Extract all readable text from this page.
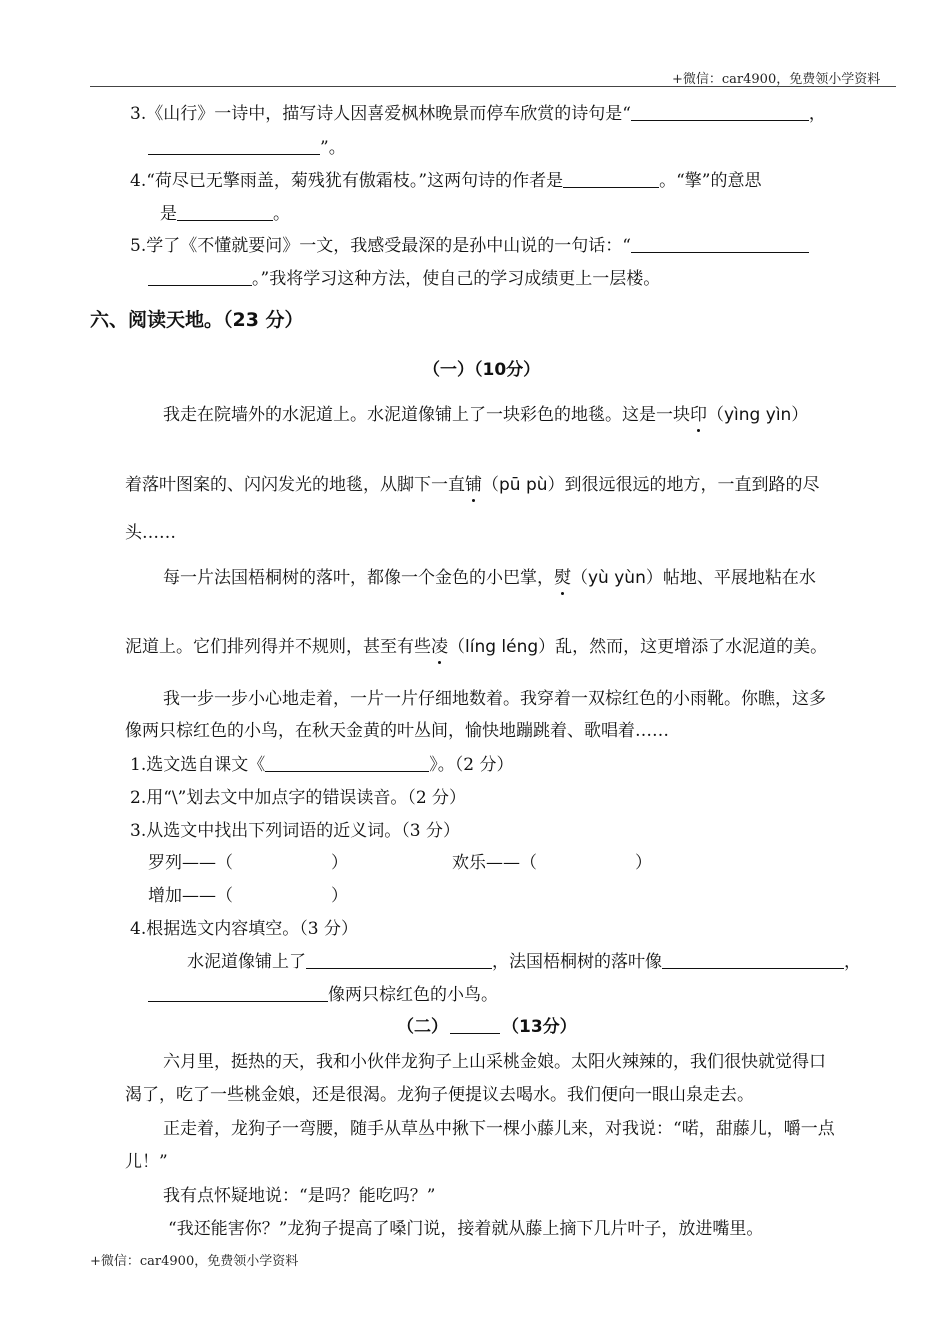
+微信：car4900，免费领小学资料
3.《山行》一诗中，描写诗人因喜爱枫林晚景而停车欣赏的诗句是“	，
”。
4.“荷尽已无擎雨盖，菊残犹有傲霜枝。”这两句诗的作者是	。“擎”的意思
是	。
5.学了《不懂就要问》一文，我感受最深的是孙中山说的一句话：“
。”我将学习这种方法，使自己的学习成绩更上一层楼。
六、阅读天地。（23 分）
（一）（10分）
我走在院墙外的水泥道上。水泥道像铺上了一块彩色的地毯。这是一块印（yìng yìn）
着落叶图案的、闪闪发光的地毯，从脚下一直铺（pū pù）到很远很远的地方，一直到路的尽
头……
每一片法国梧桐树的落叶，都像一个金色的小巴掌，熨（yù yùn）帖地、平展地粘在水
泥道上。它们排列得并不规则，甚至有些凌（líng léng）乱，然而，这更增添了水泥道的美。
我一步一步小心地走着，一片一片仔细地数着。我穿着一双棕红色的小雨靴。你瞧，这多
像两只棕红色的小鸟，在秋天金黄的叶丛间，愉快地蹦跳着、歌唱着……
1.选文选自课文《	》。（2 分）
2.用“\”划去文中加点字的错误读音。（2 分）
3.从选文中找出下列词语的近义词。（3 分）
罗列——（	）	欢乐——（	）
增加——（	）
4.根据选文内容填空。（3 分）
水泥道像铺上了	，法国梧桐树的落叶像	，
像两只棕红色的小鸟。
（二）	（13分）
六月里，挺热的天，我和小伙伴龙狗子上山采桃金娘。太阳火辣辣的，我们很快就觉得口
渴了，吃了一些桃金娘，还是很渴。龙狗子便提议去喝水。我们便向一眼山泉走去。
正走着，龙狗子一弯腰，随手从草丛中揪下一棵小藤儿来，对我说：“喏，甜藤儿，嚼一点
儿！”
我有点怀疑地说：“是吗？能吃吗？”
“我还能害你？”龙狗子提高了嗓门说，接着就从藤上摘下几片叶子，放进嘴里。
+微信：car4900，免费领小学资料
